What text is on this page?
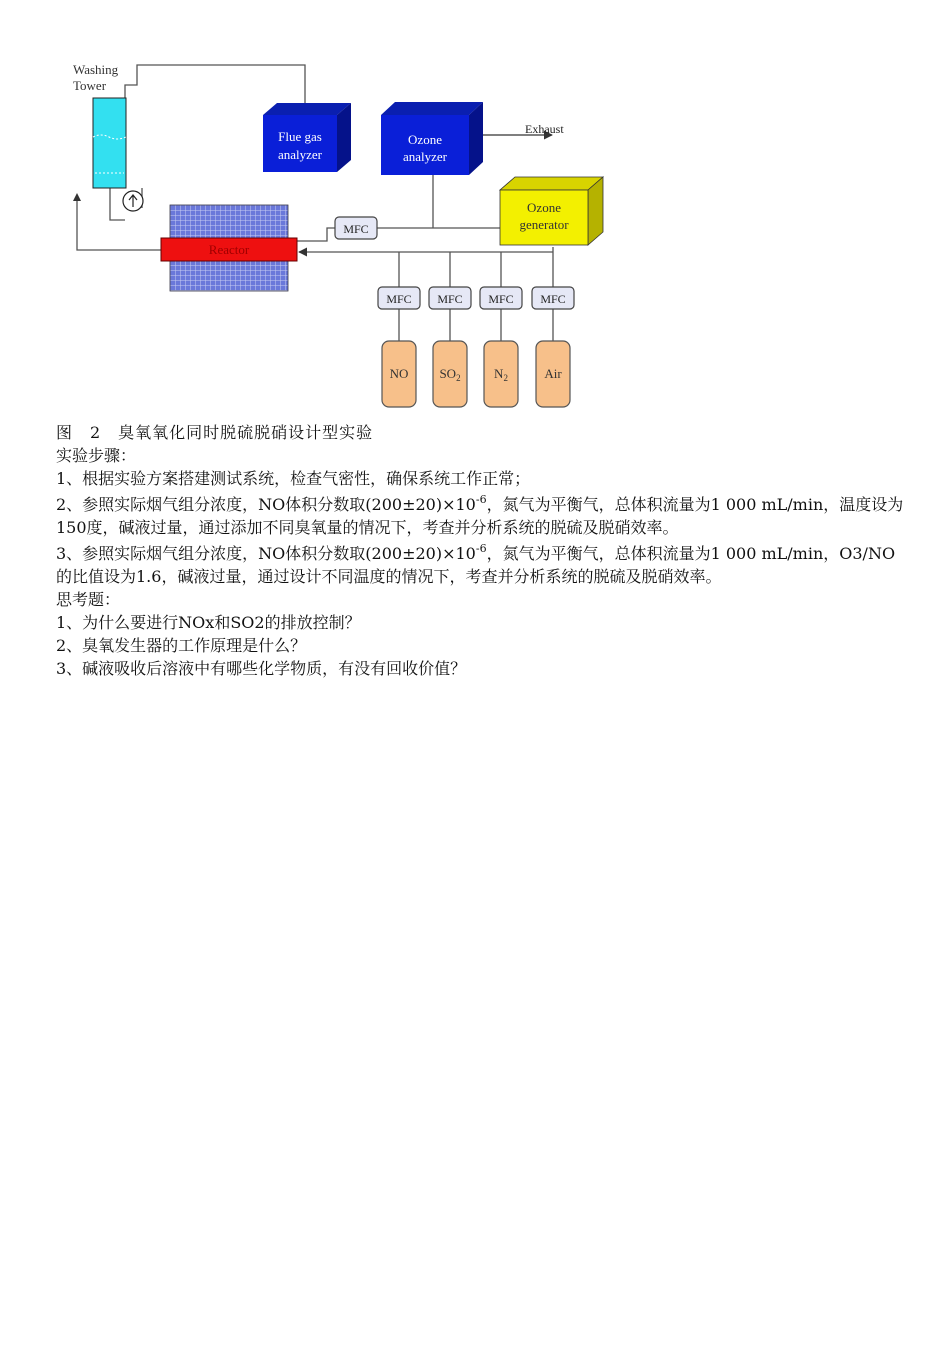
Exhaust
Washing
Tower
Flue gas
analyzer
Ozone
analyzer
Ozone
generator
Reactor
MFC
MFC MFC MFC MFC
NO $SO_2$	$N_2$	Air

图　2　臭氧氧化同时脱硫脱硝设计型实验

实验步骤：

1、根据实验方案搭建测试系统，检查气密性，确保系统工作正常；

2、参照实际烟气组分浓度，NO体积分数取$(200\pm 20)\times 10^{-6}$，氮气为平衡气，总体积流量为1 000 mL/min，温度设为150度，碱液过量，通过添加不同臭氧量的情况下，考查并分析系统的脱硫及脱硝效率。

3、参照实际烟气组分浓度，NO体积分数取$(200\pm 20)\times 10^{-6}$，氮气为平衡气，总体积流量为1 000 mL/min，O3/NO的比值设为1.6，碱液过量，通过设计不同温度的情况下，考查并分析系统的脱硫及脱硝效率。

思考题：

1、为什么要进行NOx和SO2的排放控制？

2、臭氧发生器的工作原理是什么？

3、碱液吸收后溶液中有哪些化学物质，有没有回收价值？
